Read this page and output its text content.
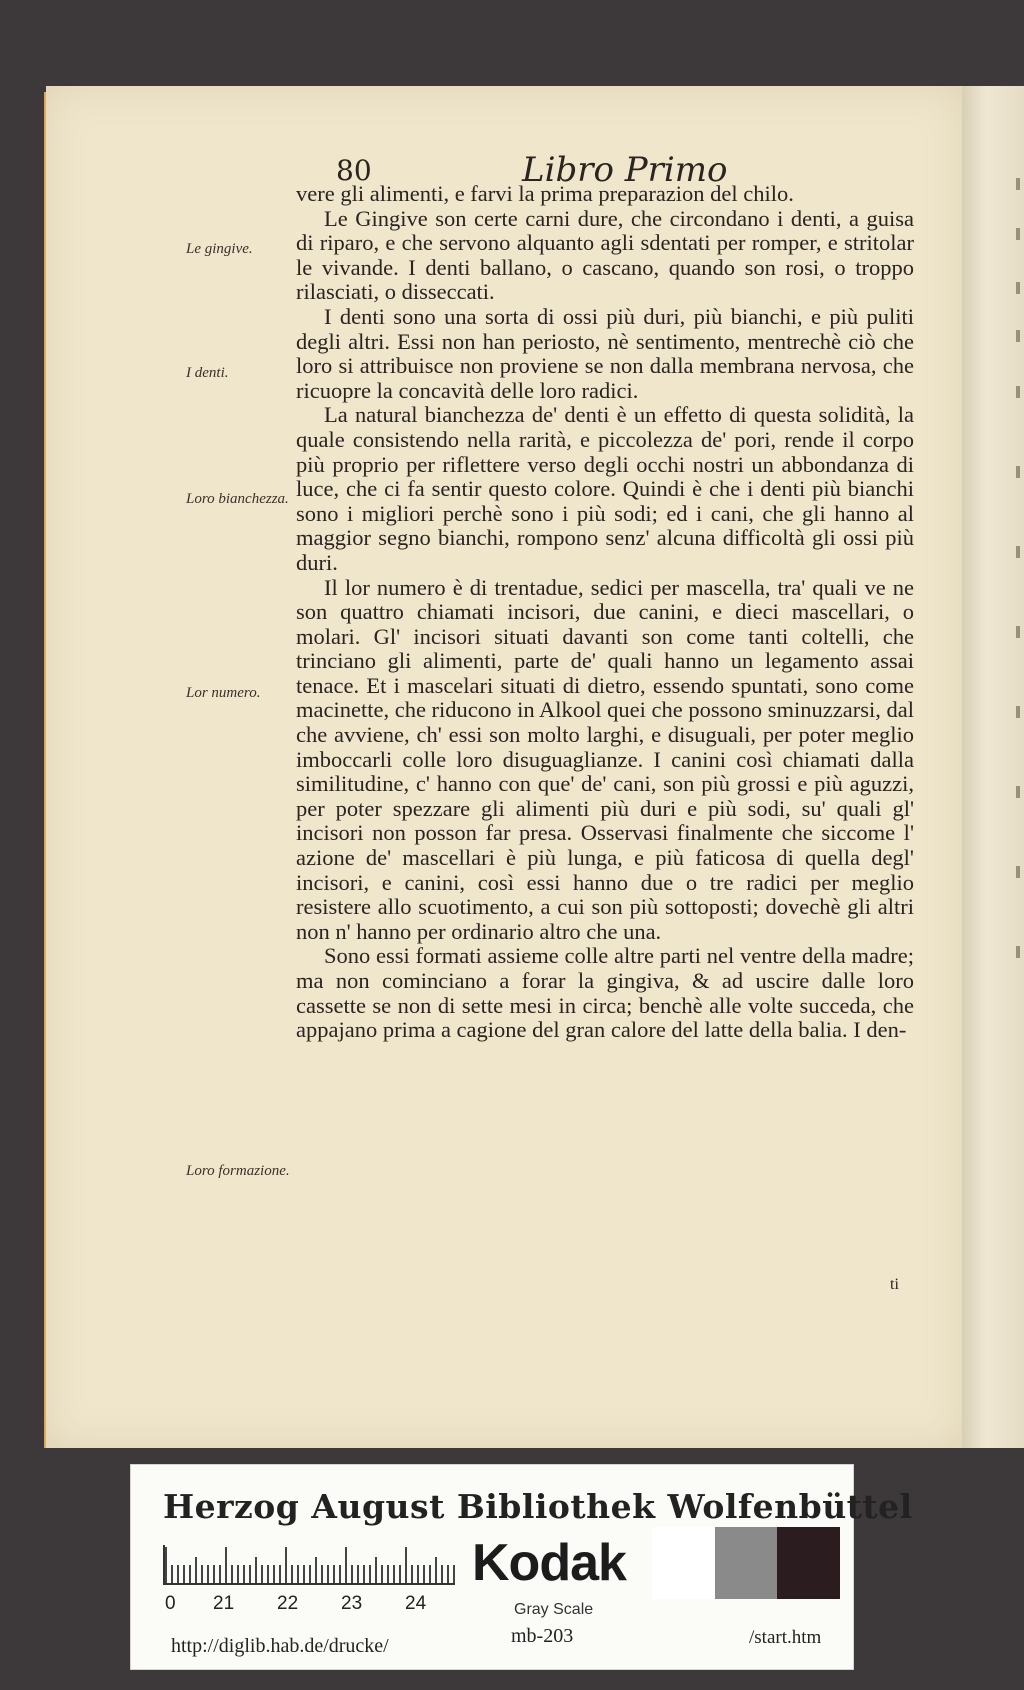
80	Libro Primo

vere gli alimenti, e farvi la prima preparazion del chilo.

Le Gingive son certe carni dure, che circondano i denti, a guisa di riparo, e che servono alquanto agli sdentati per romper, e stritolar le vivande. I denti ballano, o cascano, quando son rosi, o troppo rilasciati, o disseccati.

I denti sono una sorta di ossi più duri, più bianchi, e più puliti degli altri. Essi non han periosto, nè sentimento, mentrechè ciò che loro si attribuisce non proviene se non dalla membrana nervosa, che ricuopre la concavità delle loro radici.

La natural bianchezza de' denti è un effetto di questa solidità, la quale consistendo nella rarità, e piccolezza de' pori, rende il corpo più proprio per riflettere verso degli occhi nostri un abbondanza di luce, che ci fa sentir questo colore. Quindi è che i denti più bianchi sono i migliori perchè sono i più sodi; ed i cani, che gli hanno al maggior segno bianchi, rompono senz' alcuna difficoltà gli ossi più duri.

Il lor numero è di trentadue, sedici per mascella, tra' quali ve ne son quattro chiamati incisori, due canini, e dieci mascellari, o molari. Gl' incisori situati davanti son come tanti coltelli, che trinciano gli alimenti, parte de' quali hanno un legamento assai tenace. Et i mascelari situati di dietro, essendo spuntati, sono come macinette, che riducono in Alkool quei che possono sminuzzarsi, dal che avviene, ch' essi son molto larghi, e disuguali, per poter meglio imboccarli colle loro disuguaglianze. I canini così chiamati dalla similitudine, c' hanno con que' de' cani, son più grossi e più aguzzi, per poter spezzare gli alimenti più duri e più sodi, su' quali gl' incisori non posson far presa. Osservasi finalmente che siccome l' azione de' mascellari è più lunga, e più faticosa di quella degl' incisori, e canini, così essi hanno due o tre radici per meglio resistere allo scuotimento, a cui son più sottoposti; dovechè gli altri non n' hanno per ordinario altro che una.

Sono essi formati assieme colle altre parti nel ventre della madre; ma non cominciano a forar la gingiva, & ad uscire dalle loro cassette se non di sette mesi in circa; benchè alle volte succeda, che appajano prima a cagione del gran calore del latte della balia. I den-

Le gingive.
I denti.
Loro bianchezza.
Lor numero.
Loro formazione.
ti
Herzog August Bibliothek Wolfenbüttel
0 21 22 23 24
Kodak
Gray Scale
http://diglib.hab.de/drucke/	mb-203	/start.htm
